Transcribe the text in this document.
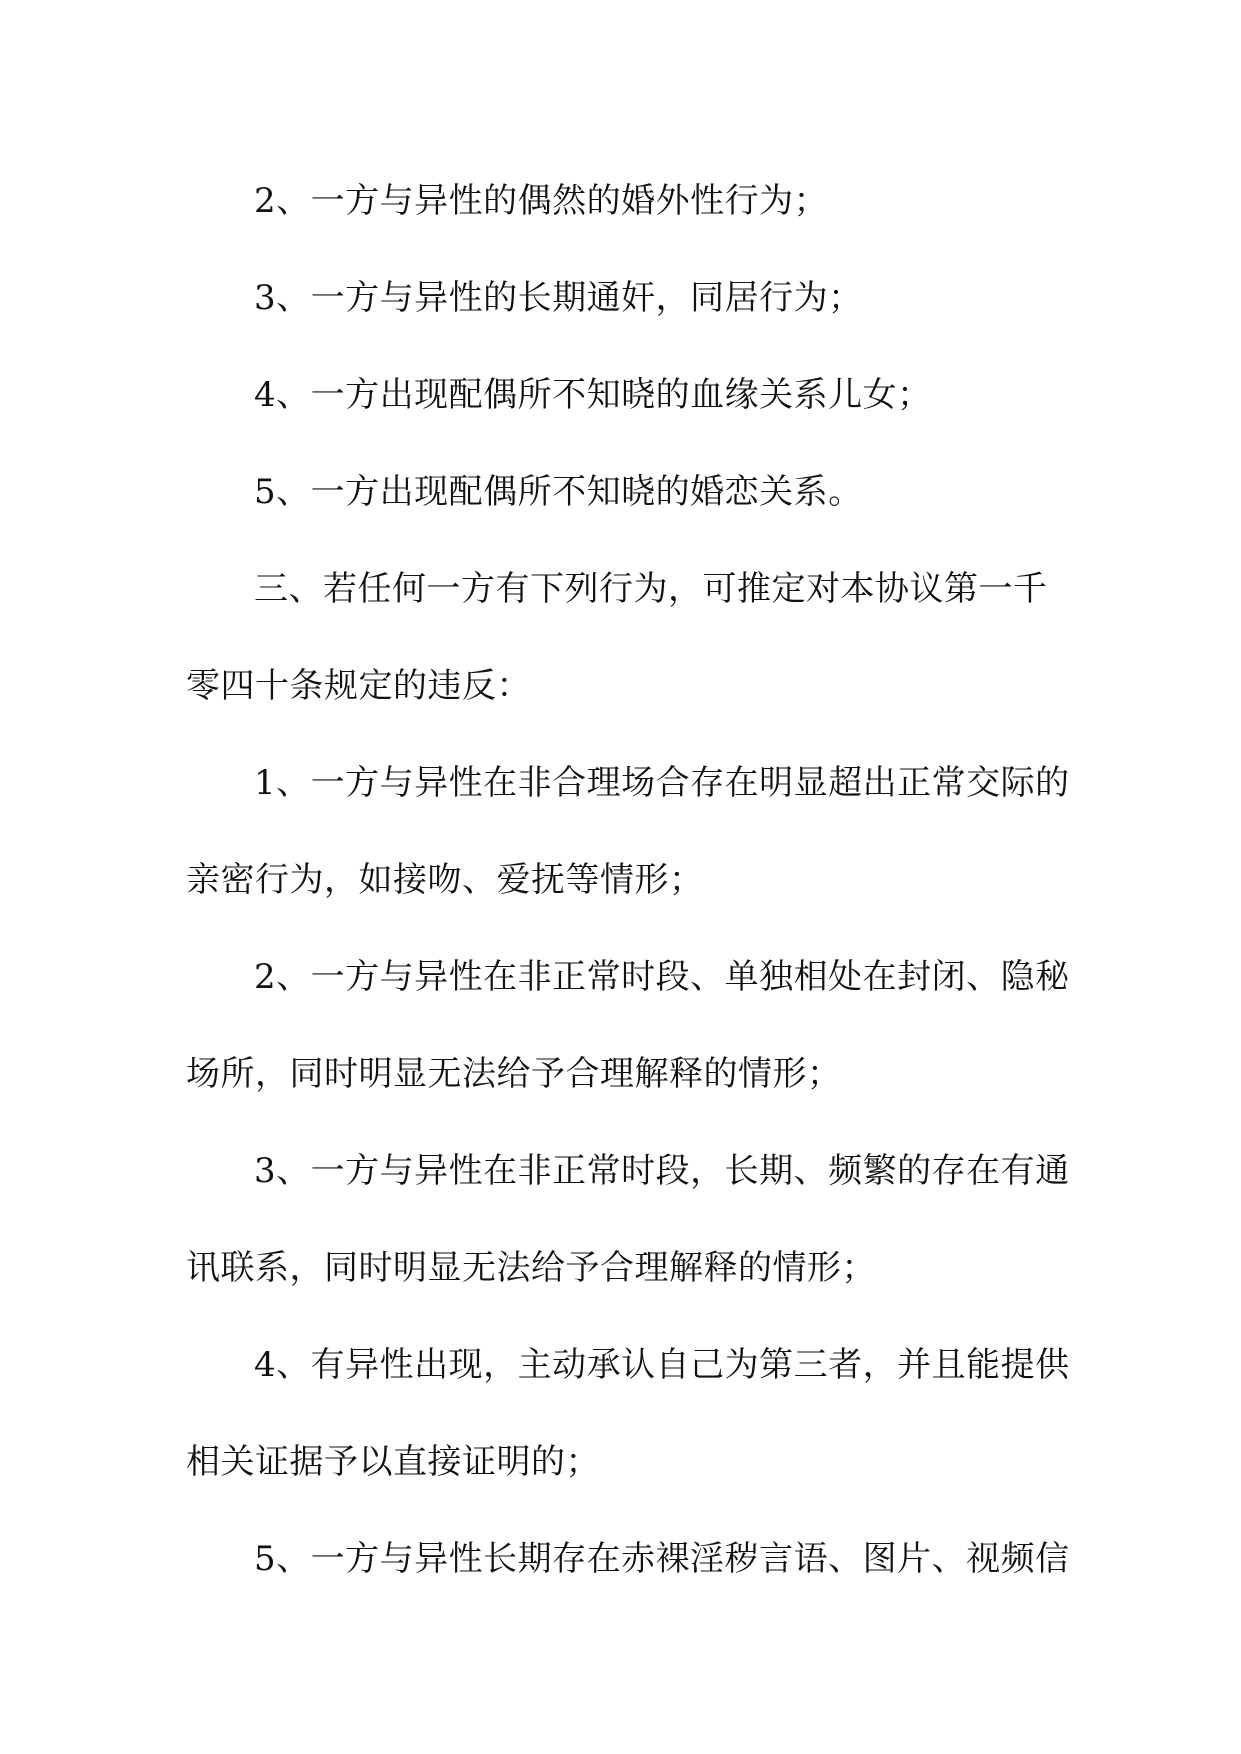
2、一方与异性的偶然的婚外性行为；
3、一方与异性的长期通奸，同居行为；
4、一方出现配偶所不知晓的血缘关系儿女；
5、一方出现配偶所不知晓的婚恋关系。
三、若任何一方有下列行为，可推定对本协议第一千
零四十条规定的违反：
1、一方与异性在非合理场合存在明显超出正常交际的
亲密行为，如接吻、爱抚等情形；
2、一方与异性在非正常时段、单独相处在封闭、隐秘
场所，同时明显无法给予合理解释的情形；
3、一方与异性在非正常时段，长期、频繁的存在有通
讯联系，同时明显无法给予合理解释的情形；
4、有异性出现，主动承认自己为第三者，并且能提供
相关证据予以直接证明的；
5、一方与异性长期存在赤裸淫秽言语、图片、视频信
